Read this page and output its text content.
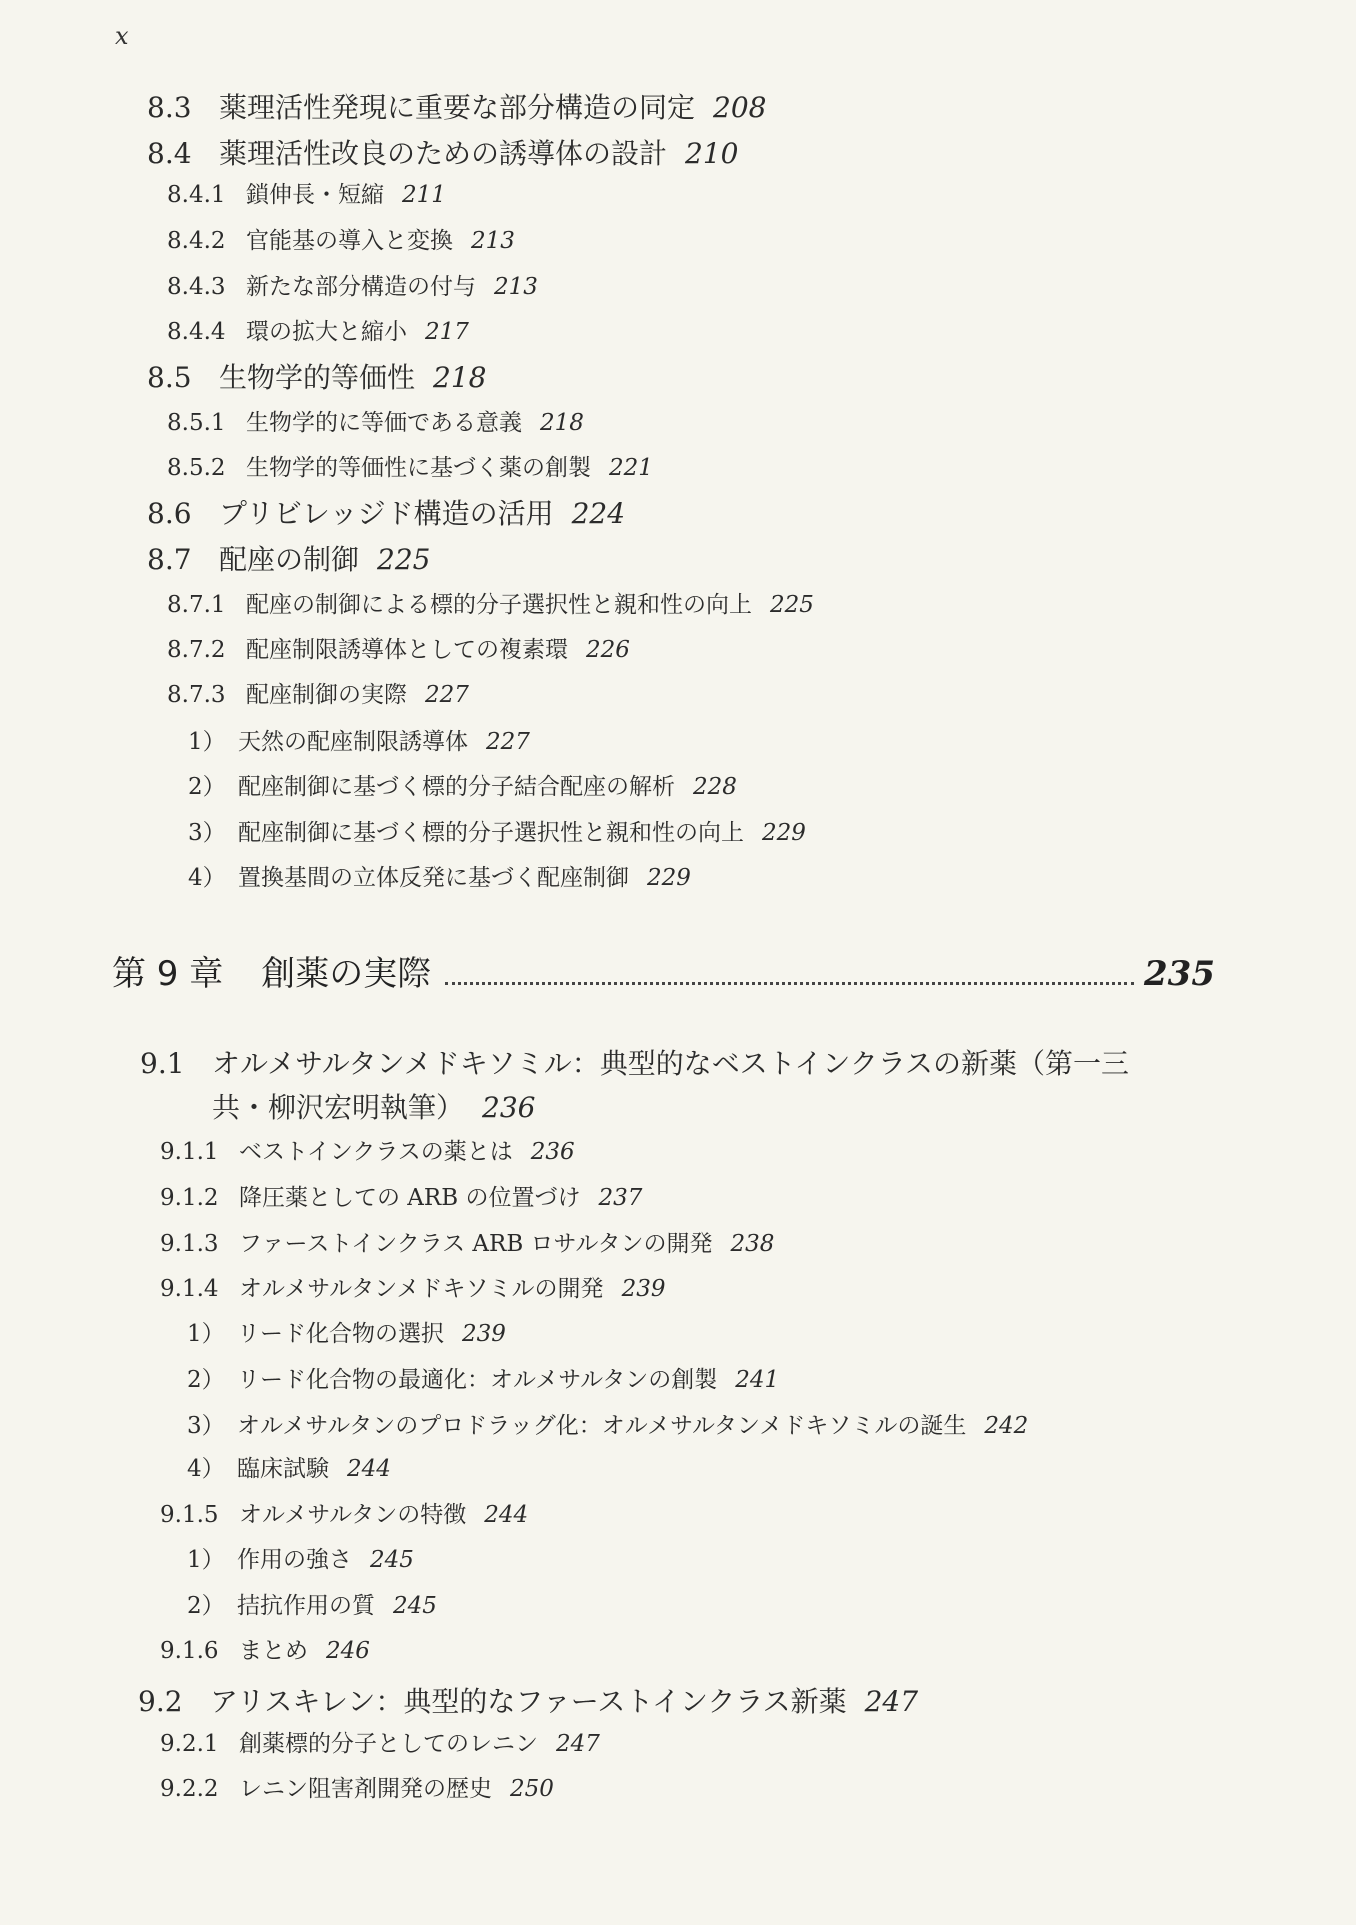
x
8.3 薬理活性発現に重要な部分構造の同定 208
8.4 薬理活性改良のための誘導体の設計 210
8.4.1 鎖伸長・短縮 211
8.4.2 官能基の導入と変換 213
8.4.3 新たな部分構造の付与 213
8.4.4 環の拡大と縮小 217
8.5 生物学的等価性 218
8.5.1 生物学的に等価である意義 218
8.5.2 生物学的等価性に基づく薬の創製 221
8.6 プリビレッジド構造の活用 224
8.7 配座の制御 225
8.7.1 配座の制御による標的分子選択性と親和性の向上 225
8.7.2 配座制限誘導体としての複素環 226
8.7.3 配座制御の実際 227
1） 天然の配座制限誘導体 227
2） 配座制御に基づく標的分子結合配座の解析 228
3） 配座制御に基づく標的分子選択性と親和性の向上 229
4） 置換基間の立体反発に基づく配座制御 229
第 9 章 創薬の実際	235
9.1 オルメサルタンメドキソミル：典型的なベストインクラスの新薬（第一三
共・柳沢宏明執筆） 236
9.1.1 ベストインクラスの薬とは 236
9.1.2 降圧薬としての ARB の位置づけ 237
9.1.3 ファーストインクラス ARB ロサルタンの開発 238
9.1.4 オルメサルタンメドキソミルの開発 239
1） リード化合物の選択 239
2） リード化合物の最適化：オルメサルタンの創製 241
3） オルメサルタンのプロドラッグ化：オルメサルタンメドキソミルの誕生 242
4） 臨床試験 244
9.1.5 オルメサルタンの特徴 244
1） 作用の強さ 245
2） 拮抗作用の質 245
9.1.6 まとめ 246
9.2 アリスキレン：典型的なファーストインクラス新薬 247
9.2.1 創薬標的分子としてのレニン 247
9.2.2 レニン阻害剤開発の歴史 250
